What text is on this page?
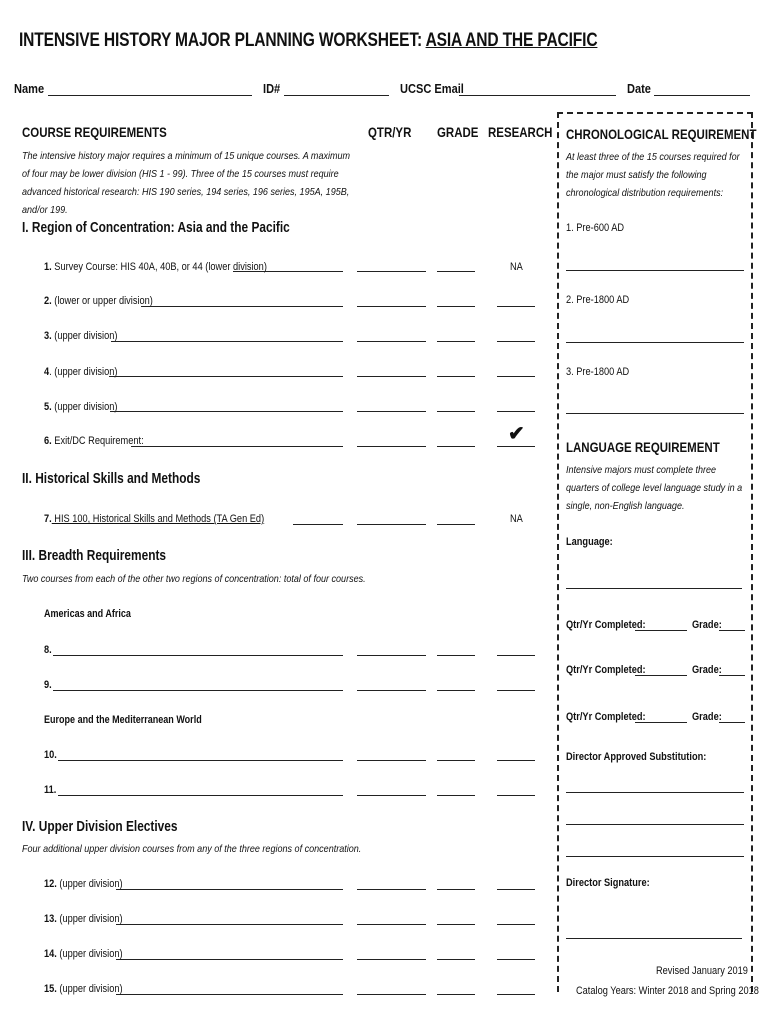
INTENSIVE HISTORY MAJOR PLANNING WORKSHEET: ASIA AND THE PACIFIC
Name	ID#	UCSC Email	Date
COURSE REQUIREMENTS	QTR/YR GRADE RESEARCH
The intensive history major requires a minimum of 15 unique courses. A maximum of four may be lower division (HIS 1 - 99). Three of the 15 courses must require advanced historical research: HIS 190 series, 194 series, 196 series, 195A, 195B, and/or 199.
I. Region of Concentration: Asia and the Pacific
1. Survey Course: HIS 40A, 40B, or 44 (lower division)	NA
2. (lower or upper division)
3. (upper division)
4. (upper division)
5. (upper division)
6. Exit/DC Requirement:	✔
II. Historical Skills and Methods
7. HIS 100, Historical Skills and Methods (TA Gen Ed)	NA
III. Breadth Requirements
Two courses from each of the other two regions of concentration: total of four courses.
Americas and Africa
8.
9.
Europe and the Mediterranean World
10.
11.
IV. Upper Division Electives
Four additional upper division courses from any of the three regions of concentration.
12. (upper division)
13. (upper division)
14. (upper division)
15. (upper division)
CHRONOLOGICAL REQUIREMENT
At least three of the 15 courses required for the major must satisfy the following chronological distribution requirements:
1. Pre-600 AD
2. Pre-1800 AD
3. Pre-1800 AD
LANGUAGE REQUIREMENT
Intensive majors must complete three quarters of college level language study in a single, non-English language.
Language:
Qtr/Yr Completed:	Grade:
Qtr/Yr Completed:	Grade:
Qtr/Yr Completed:	Grade:
Director Approved Substitution:
Director Signature:
Revised January 2019
Catalog Years: Winter 2018 and Spring 2018
